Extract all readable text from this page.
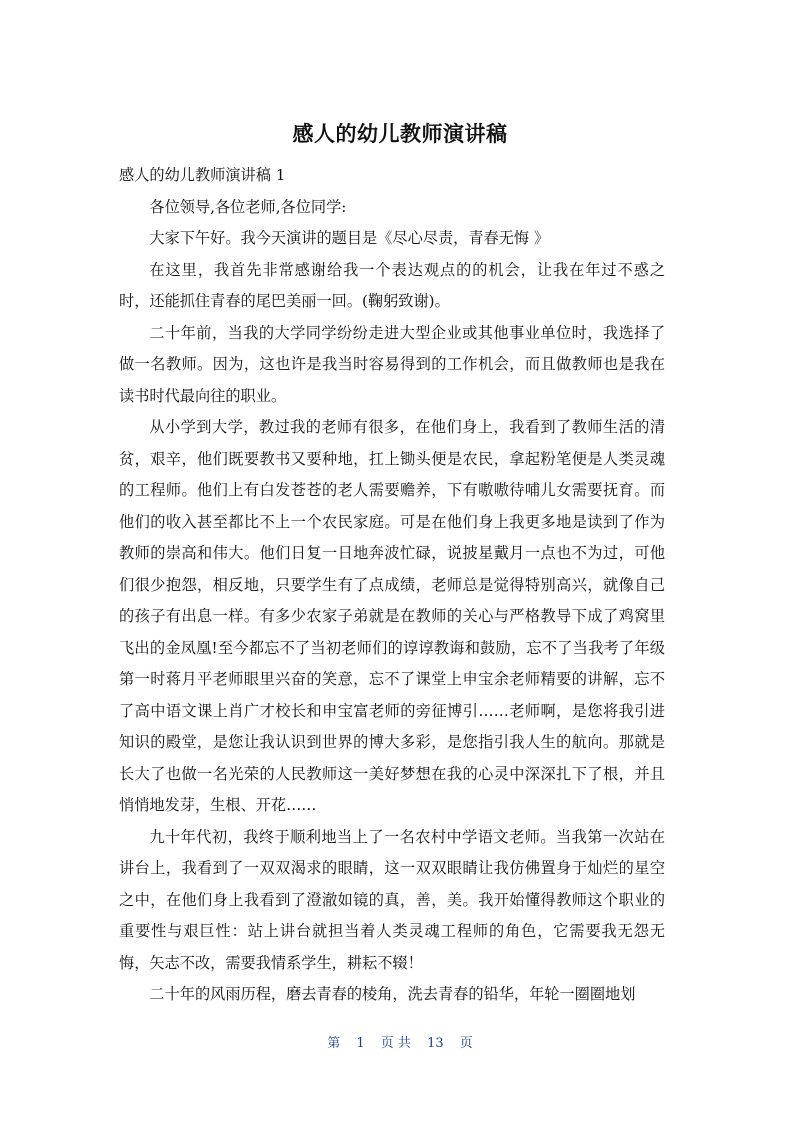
感人的幼儿教师演讲稿

感人的幼儿教师演讲稿 1

各位领导,各位老师,各位同学:

大家下午好。我今天演讲的题目是《尽心尽责，青春无悔 》

在这里，我首先非常感谢给我一个表达观点的的机会，让我在年过不惑之时，还能抓住青春的尾巴美丽一回。(鞠躬致谢)。

二十年前，当我的大学同学纷纷走进大型企业或其他事业单位时，我选择了做一名教师。因为，这也许是我当时容易得到的工作机会，而且做教师也是我在读书时代最向往的职业。

从小学到大学，教过我的老师有很多，在他们身上，我看到了教师生活的清贫，艰辛，他们既要教书又要种地，扛上锄头便是农民，拿起粉笔便是人类灵魂的工程师。他们上有白发苍苍的老人需要赡养，下有嗷嗷待哺儿女需要抚育。而他们的收入甚至都比不上一个农民家庭。可是在他们身上我更多地是读到了作为教师的崇高和伟大。他们日复一日地奔波忙碌，说披星戴月一点也不为过，可他们很少抱怨，相反地，只要学生有了点成绩，老师总是觉得特别高兴，就像自己的孩子有出息一样。有多少农家子弟就是在教师的关心与严格教导下成了鸡窝里飞出的金凤凰!至今都忘不了当初老师们的谆谆教诲和鼓励，忘不了当我考了年级第一时蒋月平老师眼里兴奋的笑意，忘不了课堂上申宝余老师精要的讲解，忘不了高中语文课上肖广才校长和申宝富老师的旁征博引……老师啊，是您将我引进知识的殿堂，是您让我认识到世界的博大多彩，是您指引我人生的航向。那就是长大了也做一名光荣的人民教师这一美好梦想在我的心灵中深深扎下了根，并且悄悄地发芽，生根、开花……

九十年代初，我终于顺利地当上了一名农村中学语文老师。当我第一次站在讲台上，我看到了一双双渴求的眼睛，这一双双眼睛让我仿佛置身于灿烂的星空之中，在他们身上我看到了澄澈如镜的真，善，美。我开始懂得教师这个职业的重要性与艰巨性：站上讲台就担当着人类灵魂工程师的角色，它需要我无怨无悔，矢志不改，需要我情系学生，耕耘不辍！

二十年的风雨历程，磨去青春的棱角，洗去青春的铅华，年轮一圈圈地划

第 1 页 共 13 页
